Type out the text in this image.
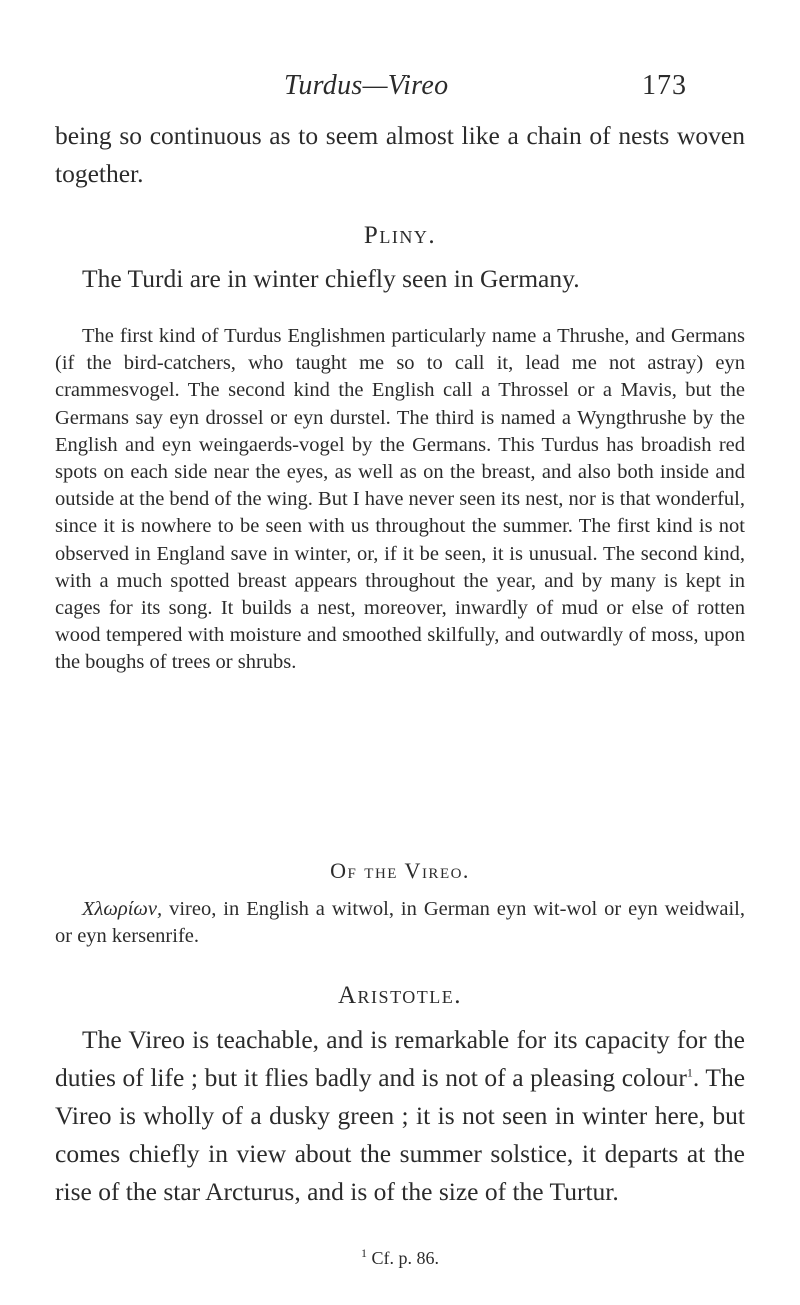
Turdus—Vireo	173

being so continuous as to seem almost like a chain of nests woven together.

Pliny.

The Turdi are in winter chiefly seen in Germany.

The first kind of Turdus Englishmen particularly name a Thrushe, and Germans (if the bird-catchers, who taught me so to call it, lead me not astray) eyn crammesvogel. The second kind the English call a Throssel or a Mavis, but the Germans say eyn drossel or eyn durstel. The third is named a Wyngthrushe by the English and eyn weingaerds-vogel by the Germans. This Turdus has broadish red spots on each side near the eyes, as well as on the breast, and also both inside and outside at the bend of the wing. But I have never seen its nest, nor is that wonderful, since it is nowhere to be seen with us throughout the summer. The first kind is not observed in England save in winter, or, if it be seen, it is unusual. The second kind, with a much spotted breast appears throughout the year, and by many is kept in cages for its song. It builds a nest, moreover, inwardly of mud or else of rotten wood tempered with moisture and smoothed skilfully, and outwardly of moss, upon the boughs of trees or shrubs.

Of the Vireo.

Χλωρίων, vireo, in English a witwol, in German eyn wit-wol or eyn weidwail, or eyn kersenrife.

Aristotle.

The Vireo is teachable, and is remarkable for its capacity for the duties of life ; but it flies badly and is not of a pleasing colour$^1$. The Vireo is wholly of a dusky green ; it is not seen in winter here, but comes chiefly in view about the summer solstice, it departs at the rise of the star Arcturus, and is of the size of the Turtur.

$^1$ Cf. p. 86.
